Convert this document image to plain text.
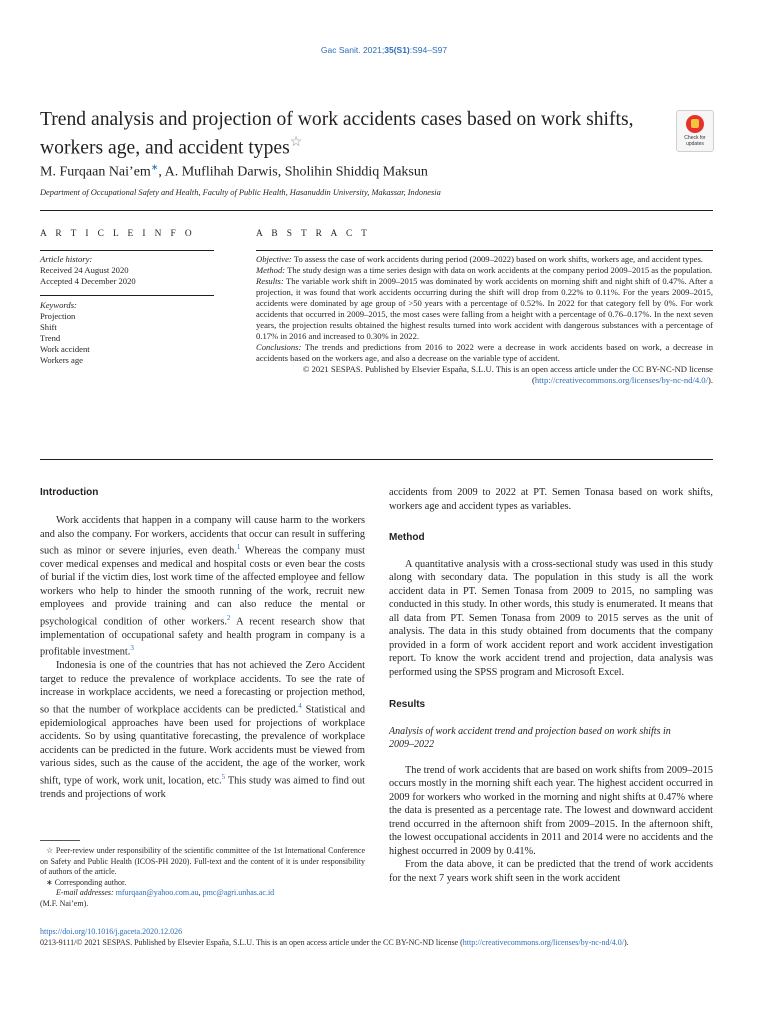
Gac Sanit. 2021;35(S1):S94–S97
Trend analysis and projection of work accidents cases based on work shifts, workers age, and accident types☆	Check for
updates
M. Furqaan Nai’em∗, A. Muflihah Darwis, Sholihin Shiddiq Maksun
Department of Occupational Safety and Health, Faculty of Public Health, Hasanuddin University, Makassar, Indonesia
A R T I C L E I N F O	A B S T R A C T
Article history:
Received 24 August 2020
Accepted 4 December 2020
Keywords:
Projection
Shift
Trend
Work accident
Workers age

Objective: To assess the case of work accidents during period (2009–2022) based on work shifts, workers age, and accident types.

Method: The study design was a time series design with data on work accidents at the company period 2009–2015 as the population.

Results: The variable work shift in 2009–2015 was dominated by work accidents on morning shift and night shift of 0.47%. After a projection, it was found that work accidents occurring during the shift will drop from 0.22% to 0.11%. For the years 2009–2015, accidents were dominated by age group of >50 years with a percentage of 0.52%. In 2022 for that category fell by 0%. For work accidents that occurred in 2009–2015, the most cases were falling from a height with a percentage of 0.76–0.17%. In the next seven years, the projection results obtained the highest results turned into work accident with dangerous substances with a percentage of 0.17% in 2016 and increased to 0.30% in 2022.

Conclusions: The trends and predictions from 2016 to 2022 were a decrease in work accidents based on work, a decrease in accidents based on the workers age, and also a decrease on the variable type of accident.

© 2021 SESPAS. Published by Elsevier España, S.L.U. This is an open access article under the CC BY-NC-ND license (http://creativecommons.org/licenses/by-nc-nd/4.0/).

Introduction

Work accidents that happen in a company will cause harm to the workers and also the company. For workers, accidents that occur can result in suffering such as minor or severe injuries, even death.$^1$ Whereas the company must cover medical expenses and medical and hospital costs or even bear the costs of burial if the victim dies, lost work time of the affected employee and fellow workers who help to hinder the smooth running of the work, recruit new employees and provide training and can also reduce the mental or psychological condition of other workers.$^2$ A recent research show that implementation of occupational safety and health program in company is a profitable investment.$^3$

Indonesia is one of the countries that has not achieved the Zero Accident target to reduce the prevalence of workplace accidents. To see the rate of increase in workplace accidents, we need a forecasting or projection method, so that the number of workplace accidents can be predicted.$^4$ Statistical and epidemiological approaches have been used for projections of workplace accidents. So by using quantitative forecasting, the prevalence of workplace accidents can be predicted in the future. Work accidents must be viewed from various sides, such as the cause of the accident, the age of the worker, work shift, type of work, work unit, location, etc.$^5$ This study was aimed to find out trends and projections of work

☆ Peer-review under responsibility of the scientific committee of the 1st International Conference on Safety and Public Health (ICOS-PH 2020). Full-text and the content of it is under responsibility of authors of the article.
∗ Corresponding author.
E-mail addresses: mfurqaan@yahoo.com.au, pmc@agri.unhas.ac.id
(M.F. Nai’em).

accidents from 2009 to 2022 at PT. Semen Tonasa based on work shifts, workers age and accident types as variables.

Method

A quantitative analysis with a cross-sectional study was used in this study along with secondary data. The population in this study is all the work accident data in PT. Semen Tonasa from 2009 to 2015, no sampling was conducted in this study. In other words, this study is enumerated. It means that all data from PT. Semen Tonasa from 2009 to 2015 serves as the unit of analysis. The data in this study obtained from documents that the company provided in a form of work accident report and work accident investigation report. To know the work accident trend and projection, data analysis was performed using the SPSS program and Microsoft Excel.

Results
Analysis of work accident trend and projection based on work shifts in 2009–2022

The trend of work accidents that are based on work shifts from 2009–2015 occurs mostly in the morning shift each year. The highest accident occurred in 2009 for workers who worked in the morning and night shifts at 0.47% where the data is presented as a percentage rate. The lowest and downward accident trend occurred in the afternoon shift from 2009–2015. In the afternoon shift, the lowest occupational accidents in 2011 and 2014 were no accidents and the highest occurred in 2009 by 0.41%.

From the data above, it can be predicted that the trend of work accidents for the next 7 years work shift seen in the work accident

https://doi.org/10.1016/j.gaceta.2020.12.026
0213-9111/© 2021 SESPAS. Published by Elsevier España, S.L.U. This is an open access article under the CC BY-NC-ND license (http://creativecommons.org/licenses/by-nc-nd/4.0/).
